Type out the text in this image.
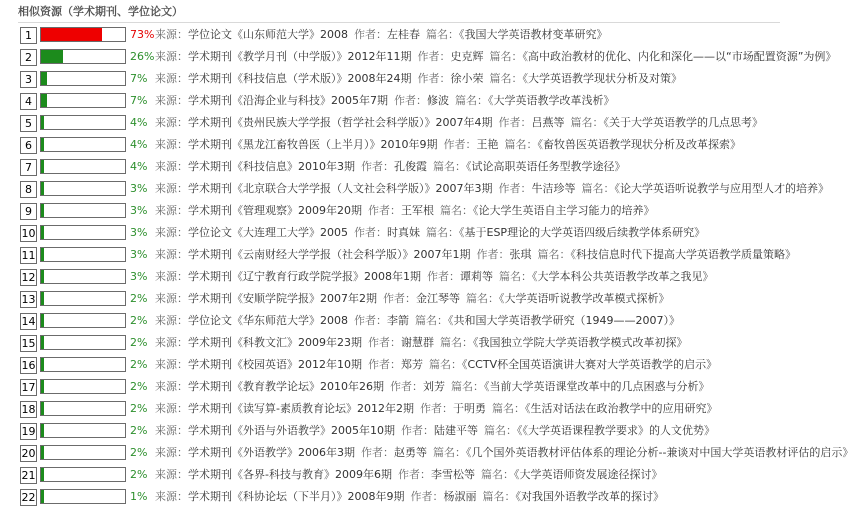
相似资源（学术期刊、学位论文）
1	73% 来源：学位论文《山东师范大学》2008 作者：左桂春 篇名：《我国大学英语教材变革研究》
2	26% 来源：学术期刊《教学月刊（中学版）》2012年11期 作者：史克辉 篇名：《高中政治教材的优化、内化和深化——以“市场配置资源”为例》
3	7% 来源：学术期刊《科技信息（学术版）》2008年24期 作者：徐小荣 篇名：《大学英语教学现状分析及对策》
4	7% 来源：学术期刊《沿海企业与科技》2005年7期 作者：修波 篇名：《大学英语教学改革浅析》
5	4% 来源：学术期刊《贵州民族大学学报（哲学社会科学版）》2007年4期 作者：吕燕等 篇名：《关于大学英语教学的几点思考》
6	4% 来源：学术期刊《黑龙江畜牧兽医（上半月）》2010年9期 作者：王艳 篇名：《畜牧兽医英语教学现状分析及改革探索》
7	4% 来源：学术期刊《科技信息》2010年3期 作者：孔俊霞 篇名：《试论高职英语任务型教学途径》
8	3% 来源：学术期刊《北京联合大学学报（人文社会科学版）》2007年3期 作者：牛洁珍等 篇名：《论大学英语听说教学与应用型人才的培养》
9	3% 来源：学术期刊《管理观察》2009年20期 作者：王军根 篇名：《论大学生英语自主学习能力的培养》
10	3% 来源：学位论文《大连理工大学》2005 作者：时真妹 篇名：《基于ESP理论的大学英语四级后续教学体系研究》
11	3% 来源：学术期刊《云南财经大学学报（社会科学版）》2007年1期 作者：张琪 篇名：《科技信息时代下提高大学英语教学质量策略》
12	3% 来源：学术期刊《辽宁教育行政学院学报》2008年1期 作者：谭莉等 篇名：《大学本科公共英语教学改革之我见》
13	2% 来源：学术期刊《安顺学院学报》2007年2期 作者：金江琴等 篇名：《大学英语听说教学改革模式探析》
14	2% 来源：学位论文《华东师范大学》2008 作者：李箭 篇名：《共和国大学英语教学研究（1949——2007）》
15	2% 来源：学术期刊《科教文汇》2009年23期 作者：谢慧群 篇名：《我国独立学院大学英语教学模式改革初探》
16	2% 来源：学术期刊《校园英语》2012年10期 作者：郑芳 篇名：《CCTV杯全国英语演讲大赛对大学英语教学的启示》
17	2% 来源：学术期刊《教育教学论坛》2010年26期 作者：刘芳 篇名：《当前大学英语课堂改革中的几点困惑与分析》
18	2% 来源：学术期刊《读写算-素质教育论坛》2012年2期 作者：于明勇 篇名：《生活对话法在政治教学中的应用研究》
19	2% 来源：学术期刊《外语与外语教学》2005年10期 作者：陆建平等 篇名：《《大学英语课程教学要求》的人文优势》
20	2% 来源：学术期刊《外语教学》2006年3期 作者：赵勇等 篇名：《几个国外英语教材评估体系的理论分析--兼谈对中国大学英语教材评估的启示》
21	2% 来源：学术期刊《各界-科技与教育》2009年6期 作者：李雪松等 篇名：《大学英语师资发展途径探讨》
22	1% 来源：学术期刊《科协论坛（下半月）》2008年9期 作者：杨淑丽 篇名：《对我国外语教学改革的探讨》
